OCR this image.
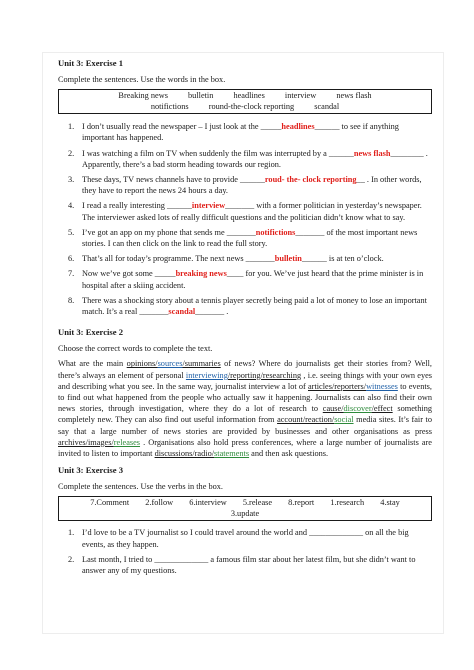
Unit 3: Exercise 1

Complete the sentences. Use the words in the box.

Breaking news bulletin headlines interview news flash
notifictions round-the-clock reporting scandal
1. I don’t usually read the newspaper – I just look at the _____headlines______ to see if anything important has happened.
2. I was watching a film on TV when suddenly the film was interrupted by a ______news flash________ . Apparently, there’s a bad storm heading towards our region.
3. These days, TV news channels have to provide ______roud- the- clock reporting__ . In other words, they have to report the news 24 hours a day.
4. I read a really interesting ______interview_______ with a former politician in yesterday’s newspaper. The interviewer asked lots of really difficult questions and the politician didn’t know what to say.
5. I’ve got an app on my phone that sends me _______notifictions_______ of the most important news stories. I can then click on the link to read the full story.
6. That’s all for today’s programme. The next news _______bulletin______ is at ten o’clock.
7. Now we’ve got some _____breaking news____ for you. We’ve just heard that the prime minister is in hospital after a skiing accident.
8. There was a shocking story about a tennis player secretly being paid a lot of money to lose an important match. It’s a real _______scandal_______ .
Unit 3: Exercise 2

Choose the correct words to complete the text.

What are the main opinions/sources/summaries of news? Where do journalists get their stories from? Well, there’s always an element of personal interviewing/reporting/researching , i.e. seeing things with your own eyes and describing what you see. In the same way, journalist interview a lot of articles/reporters/witnesses to events, to find out what happened from the people who actually saw it happening. Journalists can also find their own news stories, through investigation, where they do a lot of research to cause/discover/effect something completely new. They can also find out useful information from account/reaction/social media sites. It’s fair to say that a large number of news stories are provided by businesses and other organisations as press archives/images/releases . Organisations also hold press conferences, where a large number of journalists are invited to listen to important discussions/radio/statements and then ask questions.

Unit 3: Exercise 3

Complete the sentences. Use the verbs in the box.

7.Comment 2.follow 6.interview 5.release 8.report 1.research 4.stay
3.update
1. I’d love to be a TV journalist so I could travel around the world and _____________ on all the big events, as they happen.
2. Last month, I tried to _____________ a famous film star about her latest film, but she didn’t want to answer any of my questions.
